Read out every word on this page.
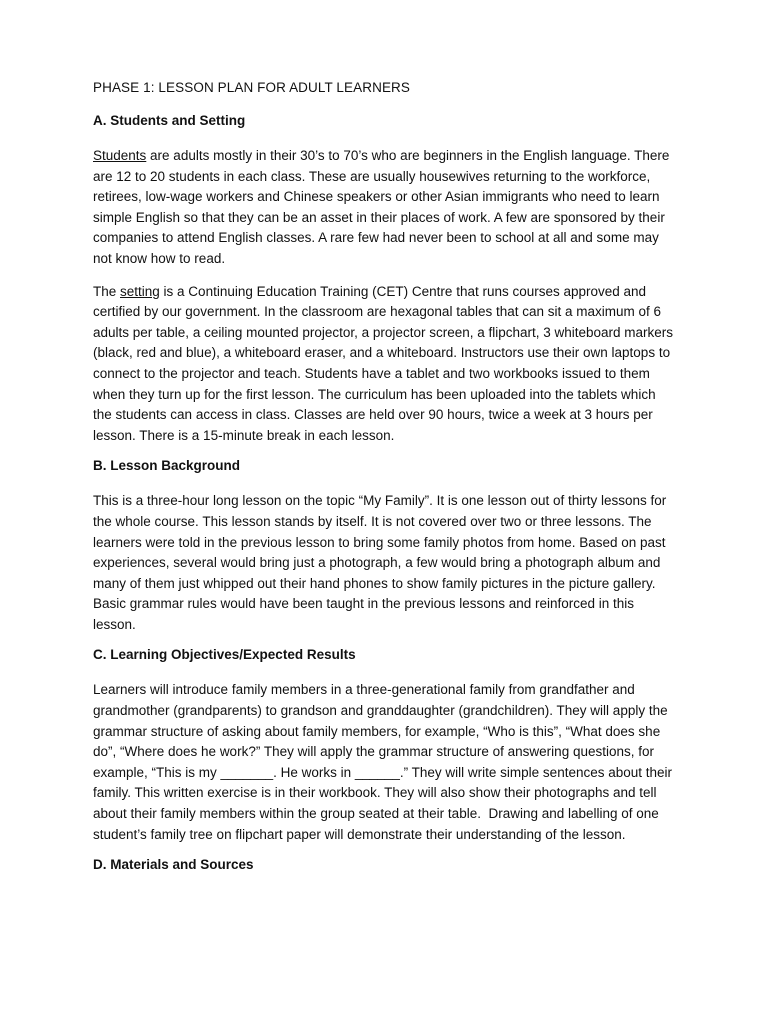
PHASE 1: LESSON PLAN FOR ADULT LEARNERS

A. Students and Setting

Students are adults mostly in their 30’s to 70’s who are beginners in the English language. There are 12 to 20 students in each class. These are usually housewives returning to the workforce, retirees, low-wage workers and Chinese speakers or other Asian immigrants who need to learn simple English so that they can be an asset in their places of work. A few are sponsored by their companies to attend English classes. A rare few had never been to school at all and some may not know how to read.

The setting is a Continuing Education Training (CET) Centre that runs courses approved and certified by our government. In the classroom are hexagonal tables that can sit a maximum of 6 adults per table, a ceiling mounted projector, a projector screen, a flipchart, 3 whiteboard markers (black, red and blue), a whiteboard eraser, and a whiteboard. Instructors use their own laptops to connect to the projector and teach. Students have a tablet and two workbooks issued to them when they turn up for the first lesson. The curriculum has been uploaded into the tablets which the students can access in class. Classes are held over 90 hours, twice a week at 3 hours per lesson. There is a 15-minute break in each lesson.

B. Lesson Background

This is a three-hour long lesson on the topic “My Family”. It is one lesson out of thirty lessons for the whole course. This lesson stands by itself. It is not covered over two or three lessons. The learners were told in the previous lesson to bring some family photos from home. Based on past experiences, several would bring just a photograph, a few would bring a photograph album and many of them just whipped out their hand phones to show family pictures in the picture gallery. Basic grammar rules would have been taught in the previous lessons and reinforced in this lesson.

C. Learning Objectives/Expected Results

Learners will introduce family members in a three-generational family from grandfather and grandmother (grandparents) to grandson and granddaughter (grandchildren). They will apply the grammar structure of asking about family members, for example, “Who is this”, “What does she do”, “Where does he work?” They will apply the grammar structure of answering questions, for example, “This is my _______. He works in ______.” They will write simple sentences about their family. This written exercise is in their workbook. They will also show their photographs and tell about their family members within the group seated at their table.  Drawing and labelling of one student’s family tree on flipchart paper will demonstrate their understanding of the lesson.

D. Materials and Sources
